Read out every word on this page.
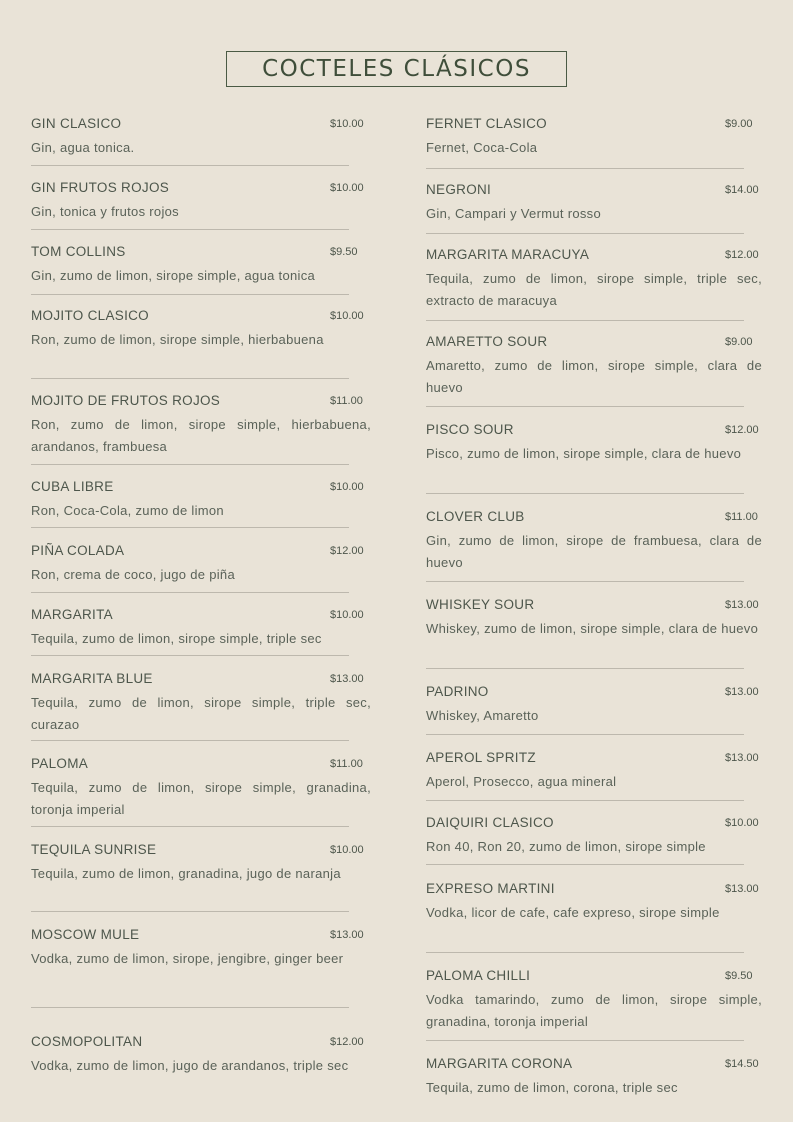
COCTELES CLÁSICOS
GIN CLASICO	$10.00
Gin, agua tonica.
GIN FRUTOS ROJOS	$10.00
Gin, tonica y frutos rojos
TOM COLLINS	$9.50
Gin, zumo de limon, sirope simple, agua tonica
MOJITO CLASICO	$10.00
Ron, zumo de limon, sirope simple, hierbabuena
MOJITO DE FRUTOS ROJOS	$11.00
Ron, zumo de limon, sirope simple, hierbabuena, arandanos, frambuesa
CUBA LIBRE	$10.00
Ron, Coca-Cola, zumo de limon
PIÑA COLADA	$12.00
Ron, crema de coco, jugo de piña
MARGARITA	$10.00
Tequila, zumo de limon, sirope simple, triple sec
MARGARITA BLUE	$13.00
Tequila, zumo de limon, sirope simple, triple sec, curazao
PALOMA	$11.00
Tequila, zumo de limon, sirope simple, granadina, toronja imperial
TEQUILA SUNRISE	$10.00
Tequila, zumo de limon, granadina, jugo de naranja
MOSCOW MULE	$13.00
Vodka, zumo de limon, sirope, jengibre, ginger beer
COSMOPOLITAN	$12.00
Vodka, zumo de limon, jugo de arandanos, triple sec
FERNET CLASICO	$9.00
Fernet, Coca-Cola
NEGRONI	$14.00
Gin, Campari y Vermut rosso
MARGARITA MARACUYA	$12.00
Tequila, zumo de limon, sirope simple, triple sec, extracto de maracuya
AMARETTO SOUR	$9.00
Amaretto, zumo de limon, sirope simple, clara de huevo
PISCO SOUR	$12.00
Pisco, zumo de limon, sirope simple, clara de huevo
CLOVER CLUB	$11.00
Gin, zumo de limon, sirope de frambuesa, clara de huevo
WHISKEY SOUR	$13.00
Whiskey, zumo de limon, sirope simple, clara de huevo
PADRINO	$13.00
Whiskey, Amaretto
APEROL SPRITZ	$13.00
Aperol, Prosecco, agua mineral
DAIQUIRI CLASICO	$10.00
Ron 40, Ron 20, zumo de limon, sirope simple
EXPRESO MARTINI	$13.00
Vodka, licor de cafe, cafe expreso, sirope simple
PALOMA CHILLI	$9.50
Vodka tamarindo, zumo de limon, sirope simple, granadina, toronja imperial
MARGARITA CORONA	$14.50
Tequila, zumo de limon, corona, triple sec
